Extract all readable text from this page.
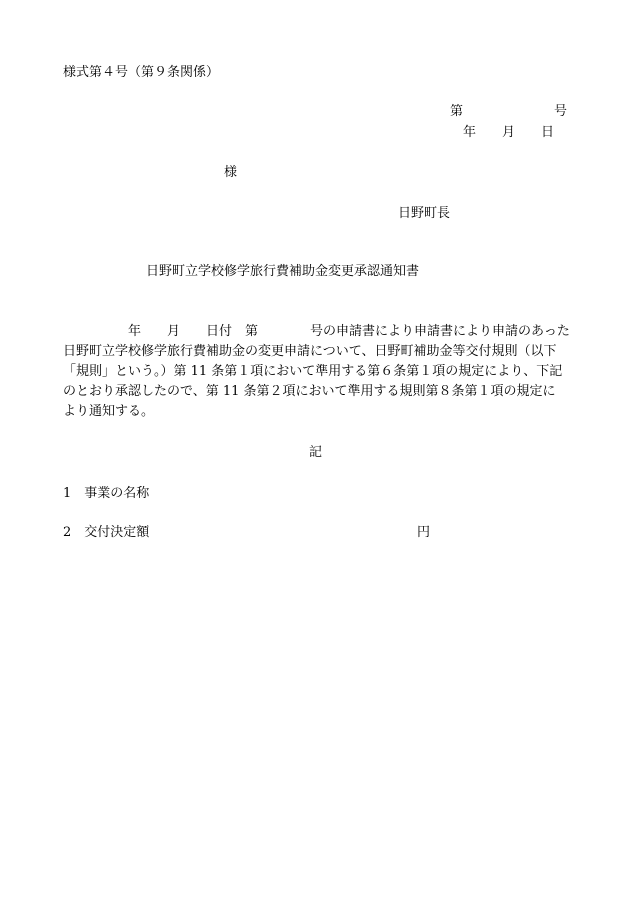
様式第４号（第９条関係）
第　　　　　　　号
年　　月　　日
様
日野町長
日野町立学校修学旅行費補助金変更承認通知書
　　　　　年　　月　　日付　第　　　　号の申請書により申請書により申請のあった
日野町立学校修学旅行費補助金の変更申請について、日野町補助金等交付規則（以下
「規則」という。）第 11 条第１項において準用する第６条第１項の規定により、下記
のとおり承認したので、第 11 条第２項において準用する規則第８条第１項の規定に
より通知する。
記
1　事業の名称
2　交付決定額	円
